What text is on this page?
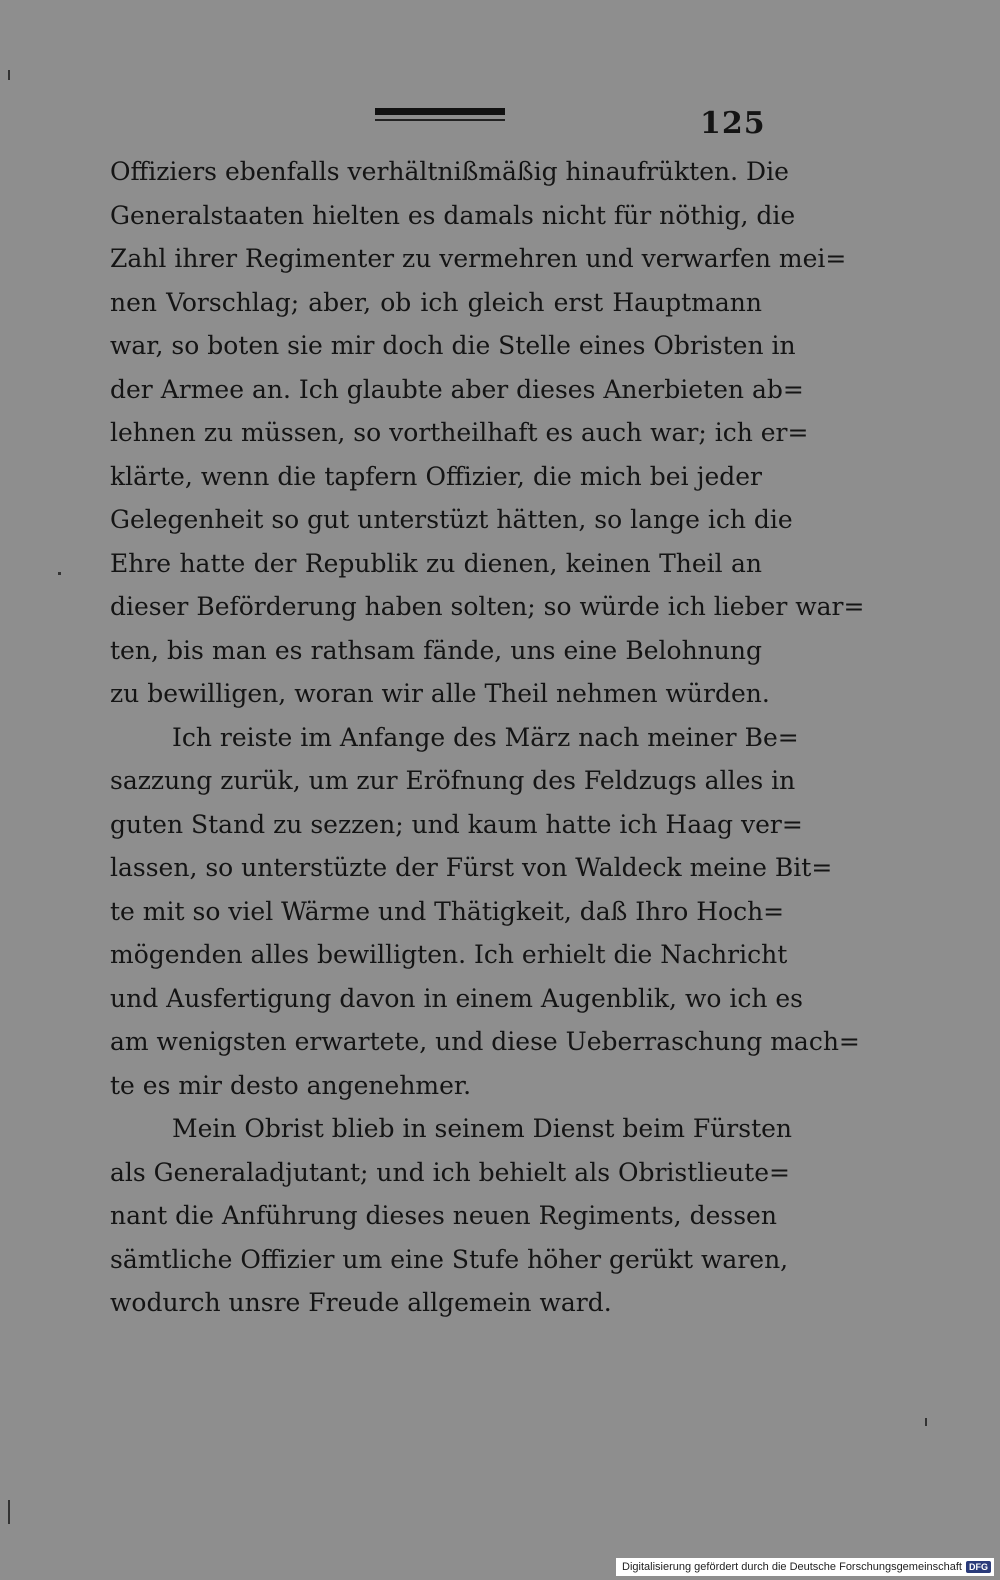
125
Offiziers ebenfalls verhältnißmäßig hinaufrükten. Die
Generalstaaten hielten es damals nicht für nöthig, die
Zahl ihrer Regimenter zu vermehren und verwarfen mei=
nen Vorschlag; aber, ob ich gleich erst Hauptmann
war, so boten sie mir doch die Stelle eines Obristen in
der Armee an. Ich glaubte aber dieses Anerbieten ab=
lehnen zu müssen, so vortheilhaft es auch war; ich er=
klärte, wenn die tapfern Offizier, die mich bei jeder
Gelegenheit so gut unterstüzt hätten, so lange ich die
Ehre hatte der Republik zu dienen, keinen Theil an
dieser Beförderung haben solten; so würde ich lieber war=
ten, bis man es rathsam fände, uns eine Belohnung
zu bewilligen, woran wir alle Theil nehmen würden.
Ich reiste im Anfange des März nach meiner Be=
sazzung zurük, um zur Eröfnung des Feldzugs alles in
guten Stand zu sezzen; und kaum hatte ich Haag ver=
lassen, so unterstüzte der Fürst von Waldeck meine Bit=
te mit so viel Wärme und Thätigkeit, daß Ihro Hoch=
mögenden alles bewilligten. Ich erhielt die Nachricht
und Ausfertigung davon in einem Augenblik, wo ich es
am wenigsten erwartete, und diese Ueberraschung mach=
te es mir desto angenehmer.
Mein Obrist blieb in seinem Dienst beim Fürsten
als Generaladjutant; und ich behielt als Obristlieute=
nant die Anführung dieses neuen Regiments, dessen
sämtliche Offizier um eine Stufe höher gerükt waren,
wodurch unsre Freude allgemein ward.
Digitalisierung gefördert durch die Deutsche Forschungsgemeinschaft DFG
